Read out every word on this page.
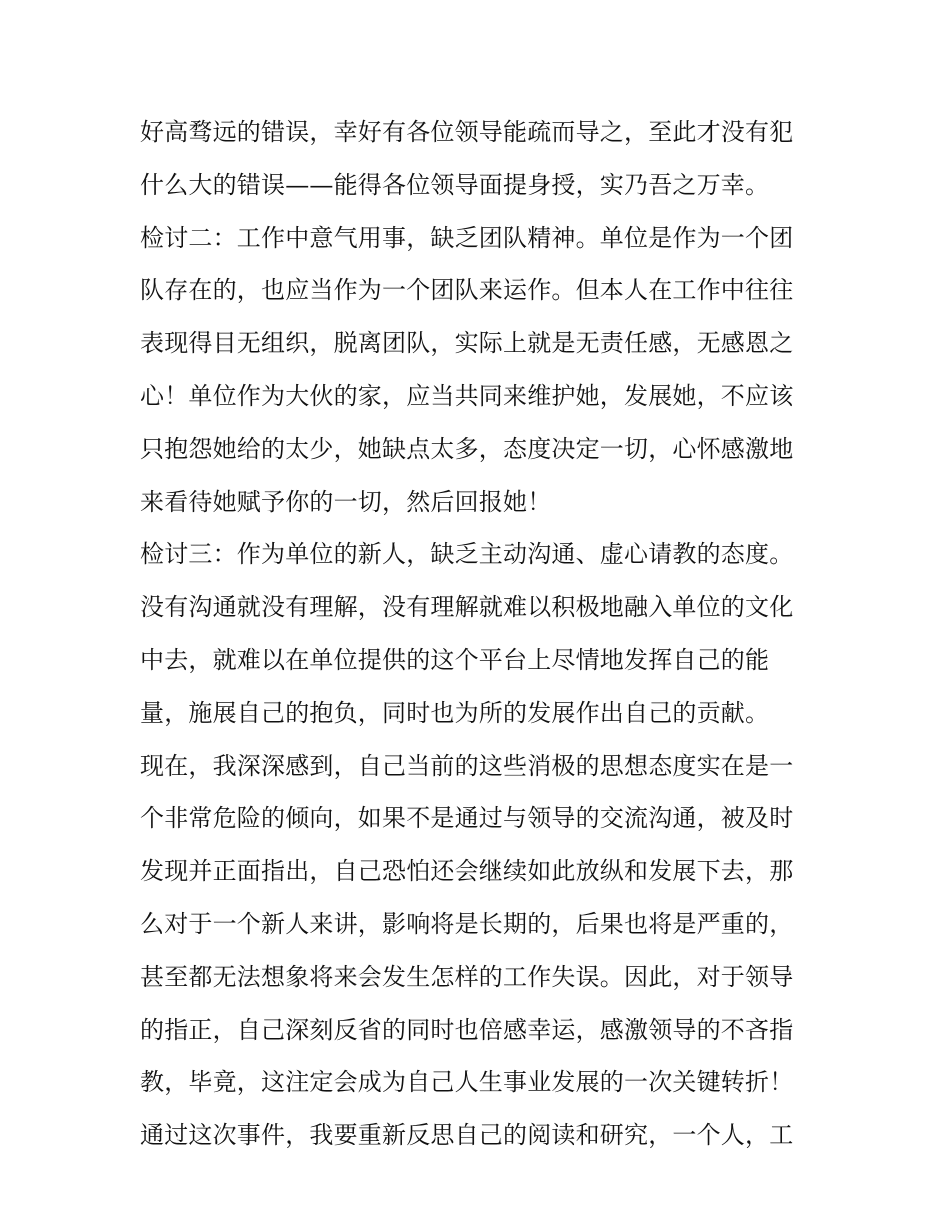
好高骛远的错误，幸好有各位领导能疏而导之，至此才没有犯
什么大的错误——能得各位领导面提身授，实乃吾之万幸。
检讨二：工作中意气用事，缺乏团队精神。单位是作为一个团
队存在的，也应当作为一个团队来运作。但本人在工作中往往
表现得目无组织，脱离团队，实际上就是无责任感，无感恩之
心！单位作为大伙的家，应当共同来维护她，发展她，不应该
只抱怨她给的太少，她缺点太多，态度决定一切，心怀感激地
来看待她赋予你的一切，然后回报她！
检讨三：作为单位的新人，缺乏主动沟通、虚心请教的态度。
没有沟通就没有理解，没有理解就难以积极地融入单位的文化
中去，就难以在单位提供的这个平台上尽情地发挥自己的能
量，施展自己的抱负，同时也为所的发展作出自己的贡献。
现在，我深深感到，自己当前的这些消极的思想态度实在是一
个非常危险的倾向，如果不是通过与领导的交流沟通，被及时
发现并正面指出，自己恐怕还会继续如此放纵和发展下去，那
么对于一个新人来讲，影响将是长期的，后果也将是严重的，
甚至都无法想象将来会发生怎样的工作失误。因此，对于领导
的指正，自己深刻反省的同时也倍感幸运，感激领导的不吝指
教，毕竟，这注定会成为自己人生事业发展的一次关键转折！
通过这次事件，我要重新反思自己的阅读和研究，一个人，工
